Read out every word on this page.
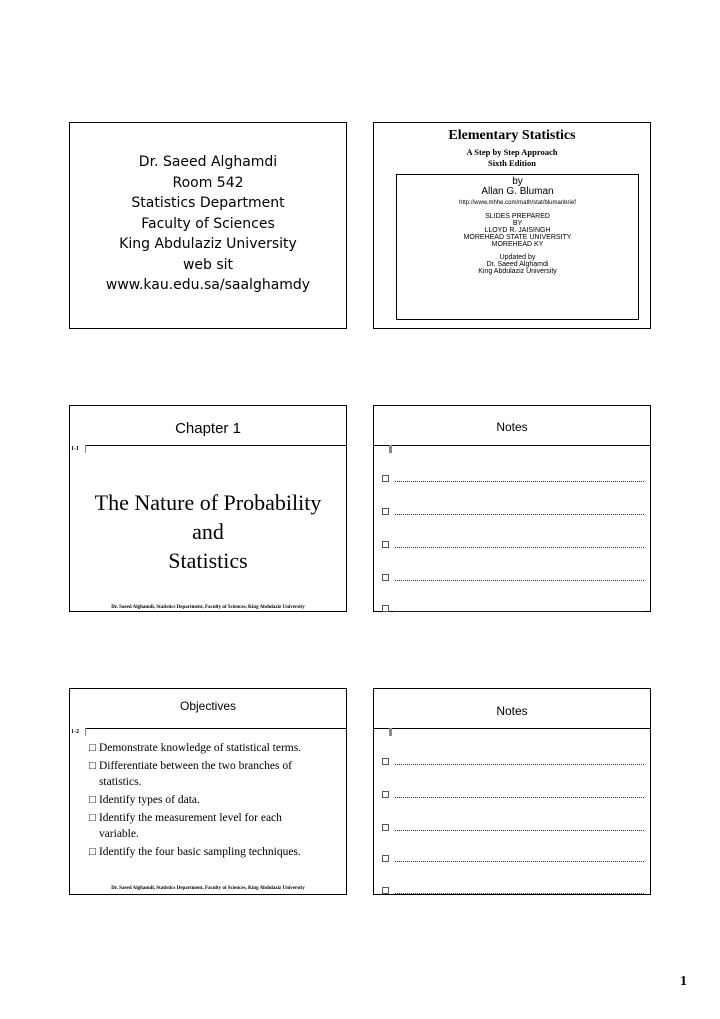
Dr. Saeed Alghamdi
Room 542
Statistics Department
Faculty of Sciences
King Abdulaziz University
web sit
www.kau.edu.sa/saalghamdy
Elementary Statistics
A Step by Step Approach
Sixth Edition
by
Allan G. Bluman
http://www.mhhe.com/math/stat/blumanbrief
SLIDES PREPARED
BY
LLOYD R. JAISINGH
MOREHEAD STATE UNIVERSITY
MOREHEAD KY
Updated by
Dr. Saeed Alghamdi
King Abdulaziz University
Chapter 1
1-1
The Nature of Probability
and
Statistics
Dr. Saeed Alghamdi, Statistics Department, Faculty of Sciences, King Abdulaziz University
Notes
Objectives
1-2
□ Demonstrate knowledge of statistical terms.
□ Differentiate between the two branches of statistics.
□ Identify types of data.
□ Identify the measurement level for each variable.
□ Identify the four basic sampling techniques.
Dr. Saeed Alghamdi, Statistics Department, Faculty of Sciences, King Abdulaziz University
Notes
1
